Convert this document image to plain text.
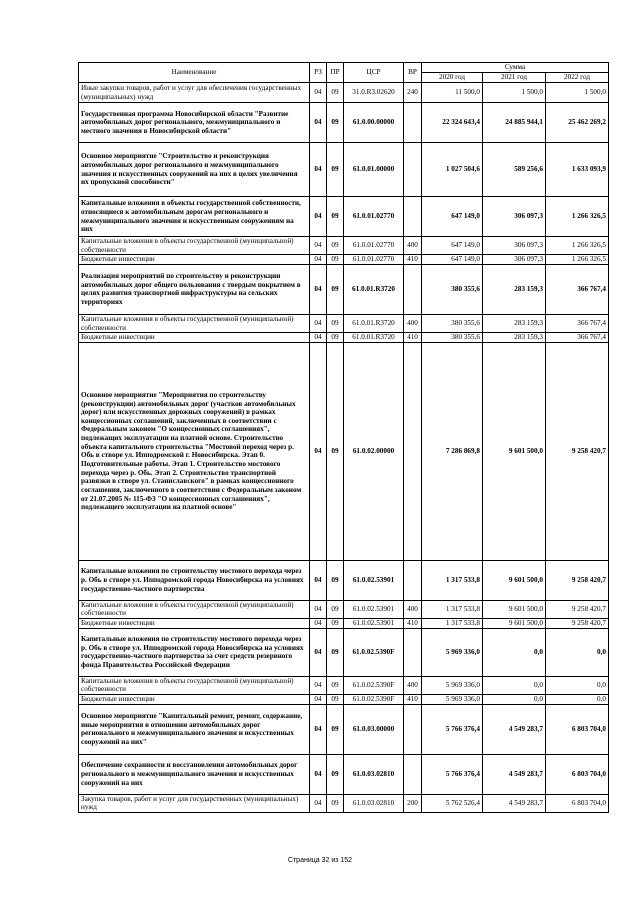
Наименование	РЗ	ПР	ЦСР	ВР	Сумма		
					2020 год	2021 год	2022 год
Иные закупки товаров, работ и услуг для обеспечения государственных (муниципальных) нужд	04	09	31.0.R3.02620	240	11 500,0	1 500,0	1 500,0
Государственная программа Новосибирской области "Развитие автомобильных дорог регионального, межмуниципального и местного значения в Новосибирской области"	04	09	61.0.00.00000		22 324 643,4	24 885 944,1	25 462 269,2
Основное мероприятие "Строительство и реконструкция автомобильных дорог регионального и межмуниципального значения и искусственных сооружений на них в целях увеличения их пропускной способности"	04	09	61.0.01.00000		1 027 504,6	589 256,6	1 633 093,9
Капитальные вложения в объекты государственной собственности, относящиеся к автомобильным дорогам регионального и межмуниципального значения и искусственным сооружениям на них	04	09	61.0.01.02770		647 149,0	306 097,3	1 266 326,5
Капитальные вложения в объекты государственной (муниципальной) собственности	04	09	61.0.01.02770	400	647 149,0	306 097,3	1 266 326,5
Бюджетные инвестиции	04	09	61.0.01.02770	410	647 149,0	306 097,3	1 266 326,5
Реализация мероприятий по строительству и реконструкции автомобильных дорог общего пользования с твердым покрытием в целях развития транспортной инфраструктуры на сельских территориях	04	09	61.0.01.R3720		380 355,6	283 159,3	366 767,4
Капитальные вложения в объекты государственной (муниципальной) собственности	04	09	61.0.01.R3720	400	380 355,6	283 159,3	366 767,4
Бюджетные инвестиции	04	09	61.0.01.R3720	410	380 355,6	283 159,3	366 767,4
Основное мероприятие "Мероприятия по строительству (реконструкции) автомобильных дорог (участков автомобильных дорог) или искусственных дорожных сооружений) в рамках концессионных соглашений, заключенных в соответствии с Федеральным законом "О концессионных соглашениях", подлежащих эксплуатации на платной основе. Строительство объекта капитального строительства "Мостовой переход через р. Обь в створе ул. Ипподромской г. Новосибирска. Этап 0. Подготовительные работы. Этап 1. Строительство мостового перехода через р. Обь. Этап 2. Строительство транспортной развязки в створе ул. Станиславского" в рамках концессионного соглашения, заключенного в соответствии с Федеральным законом от 21.07.2005 № 115-ФЗ "О концессионных соглашениях", подлежащего эксплуатации на платной основе"	04	09	61.0.02.00000		7 286 869,8	9 601 500,0	9 258 420,7
Капитальные вложения по строительству мостового перехода через р. Обь в створе ул. Ипподромской города Новосибирска на условиях государственно-частного партнерства	04	09	61.0.02.53901		1 317 533,8	9 601 500,0	9 258 420,7
Капитальные вложения в объекты государственной (муниципальной) собственности	04	09	61.0.02.53901	400	1 317 533,8	9 601 500,0	9 258 420,7
Бюджетные инвестиции	04	09	61.0.02.53901	410	1 317 533,8	9 601 500,0	9 258 420,7
Капитальные вложения по строительству мостового перехода через р. Обь в створе ул. Ипподромской города Новосибирска на условиях государственно-частного партнерства за счет средств резервного фонда Правительства Российской Федерации	04	09	61.0.02.5390F		5 969 336,0	0,0	0,0
Капитальные вложения в объекты государственной (муниципальной) собственности	04	09	61.0.02.5390F	400	5 969 336,0	0,0	0,0
Бюджетные инвестиции	04	09	61.0.02.5390F	410	5 969 336,0	0,0	0,0
Основное мероприятие "Капитальный ремонт, ремонт, содержание, иные мероприятия в отношении автомобильных дорог регионального и межмуниципального значения и искусственных сооружений на них"	04	09	61.0.03.00000		5 766 376,4	4 549 283,7	6 803 704,0
Обеспечение сохранности и восстановления автомобильных дорог регионального и межмуниципального значения и искусственных сооружений на них	04	09	61.0.03.02810		5 766 376,4	4 549 283,7	6 803 704,0
Закупка товаров, работ и услуг для государственных (муниципальных) нужд	04	09	61.0.03.02810	200	5 762 526,4	4 549 283,7	6 803 704,0
Страница 32 из 152
